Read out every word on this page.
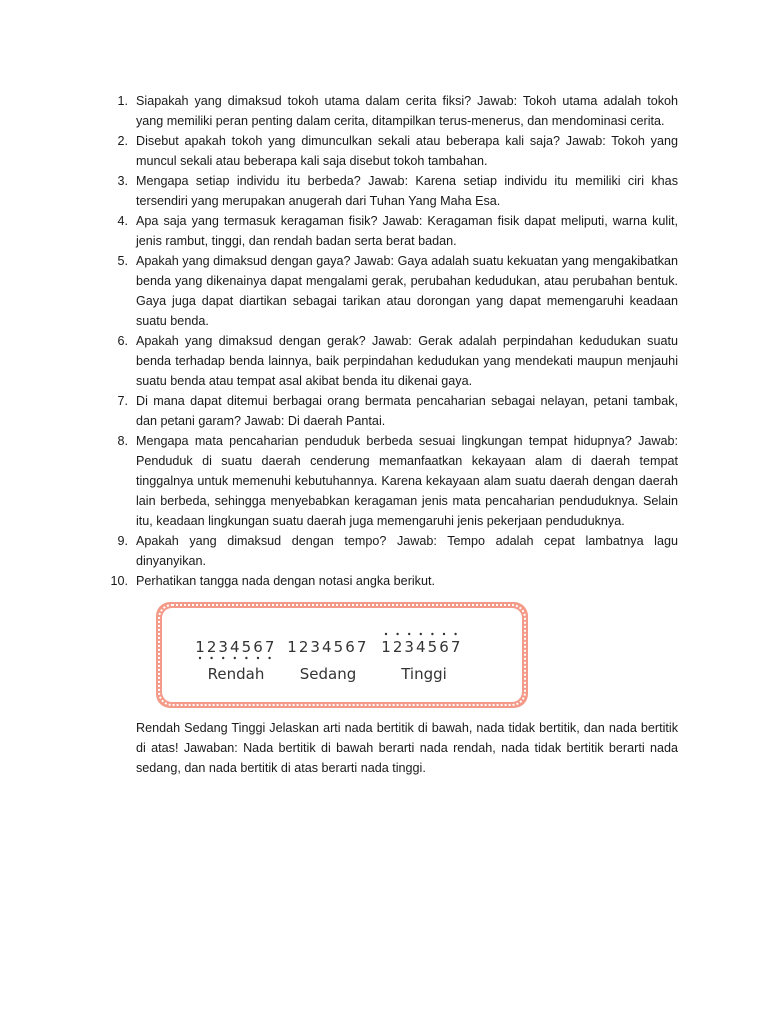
1. Siapakah yang dimaksud tokoh utama dalam cerita fiksi? Jawab: Tokoh utama adalah tokoh yang memiliki peran penting dalam cerita, ditampilkan terus-menerus, dan mendominasi cerita.
2. Disebut apakah tokoh yang dimunculkan sekali atau beberapa kali saja? Jawab: Tokoh yang muncul sekali atau beberapa kali saja disebut tokoh tambahan.
3. Mengapa setiap individu itu berbeda? Jawab: Karena setiap individu itu memiliki ciri khas tersendiri yang merupakan anugerah dari Tuhan Yang Maha Esa.
4. Apa saja yang termasuk keragaman fisik? Jawab: Keragaman fisik dapat meliputi, warna kulit, jenis rambut, tinggi, dan rendah badan serta berat badan.
5. Apakah yang dimaksud dengan gaya? Jawab: Gaya adalah suatu kekuatan yang mengakibatkan benda yang dikenainya dapat mengalami gerak, perubahan kedudukan, atau perubahan bentuk. Gaya juga dapat diartikan sebagai tarikan atau dorongan yang dapat memengaruhi keadaan suatu benda.
6. Apakah yang dimaksud dengan gerak? Jawab: Gerak adalah perpindahan kedudukan suatu benda terhadap benda lainnya, baik perpindahan kedudukan yang mendekati maupun menjauhi suatu benda atau tempat asal akibat benda itu dikenai gaya.
7. Di mana dapat ditemui berbagai orang bermata pencaharian sebagai nelayan, petani tambak, dan petani garam? Jawab: Di daerah Pantai.
8. Mengapa mata pencaharian penduduk berbeda sesuai lingkungan tempat hidupnya? Jawab: Penduduk di suatu daerah cenderung memanfaatkan kekayaan alam di daerah tempat tinggalnya untuk memenuhi kebutuhannya. Karena kekayaan alam suatu daerah dengan daerah lain berbeda, sehingga menyebabkan keragaman jenis mata pencaharian penduduknya. Selain itu, keadaan lingkungan suatu daerah juga memengaruhi jenis pekerjaan penduduknya.
9. Apakah yang dimaksud dengan tempo? Jawab: Tempo adalah cepat lambatnya lagu dinyanyikan.
10. Perhatikan tangga nada dengan notasi angka berikut.
1 2 3 4 5 6 7
Rendah
1 2 3 4 5 6 7
Sedang
1 2 3 4 5 6 7
Tinggi

Rendah Sedang Tinggi Jelaskan arti nada bertitik di bawah, nada tidak bertitik, dan nada bertitik di atas! Jawaban: Nada bertitik di bawah berarti nada rendah, nada tidak bertitik berarti nada sedang, dan nada bertitik di atas berarti nada tinggi.
